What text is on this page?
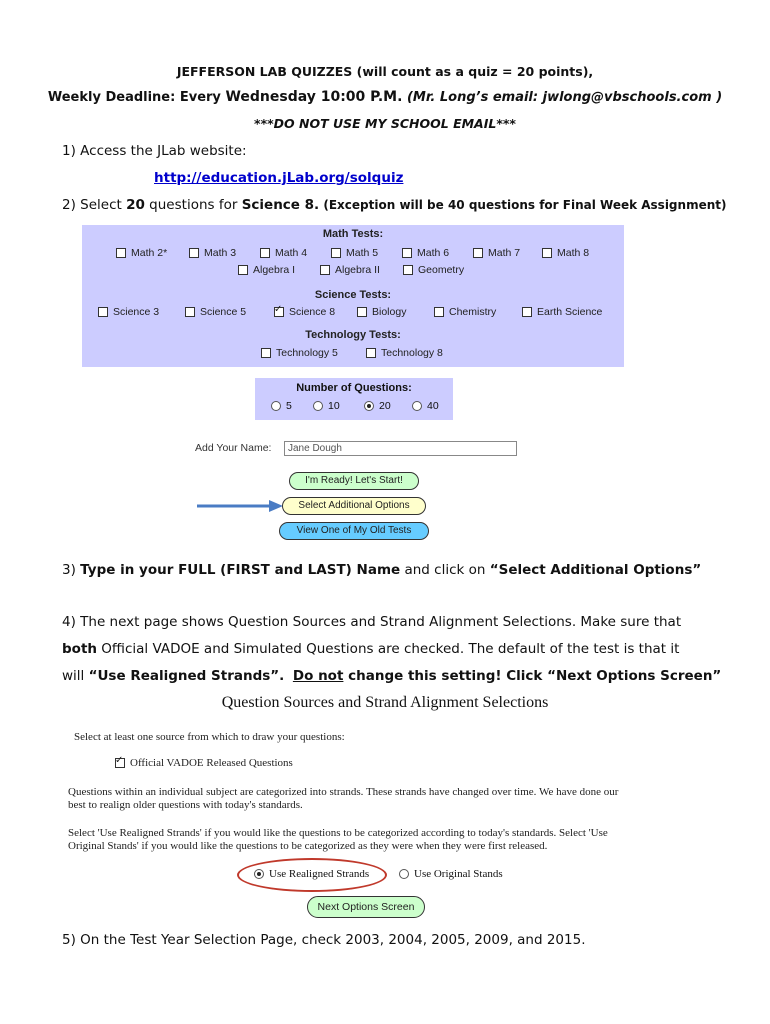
JEFFERSON LAB QUIZZES (will count as a quiz = 20 points),
Weekly Deadline: Every Wednesday 10:00 P.M. (Mr. Long’s email: jwlong@vbschools.com )
***DO NOT USE MY SCHOOL EMAIL***
1) Access the JLab website:
http://education.jLab.org/solquiz
2) Select 20 questions for Science 8. (Exception will be 40 questions for Final Week Assignment)
Math Tests:
Math 2*	Math 3	Math 4	Math 5	Math 6	Math 7	Math 8
Algebra I	Algebra II	Geometry
Science Tests:
Science 3	Science 5
✓	Science 8	Biology	Chemistry	Earth Science
Technology Tests:
Technology 5	Technology 8
Number of Questions:
5	10	20	40
Add Your Name:	Jane Dough
I'm Ready! Let's Start!
Select Additional Options
View One of My Old Tests
3) Type in your FULL (FIRST and LAST) Name and click on “Select Additional Options”
4) The next page shows Question Sources and Strand Alignment Selections. Make sure that
both Official VADOE and Simulated Questions are checked. The default of the test is that it
will “Use Realigned Strands”. Do not change this setting! Click “Next Options Screen”
Question Sources and Strand Alignment Selections
Select at least one source from which to draw your questions:
✓
Official VADOE Released Questions
Questions within an individual subject are categorized into strands. These strands have changed over time. We have done our
best to realign older questions with today's standards.
Select 'Use Realigned Strands' if you would like the questions to be categorized according to today's standards. Select 'Use
Original Stands' if you would like the questions to be categorized as they were when they were first released.
Use Realigned Strands	Use Original Stands
Next Options Screen
5) On the Test Year Selection Page, check 2003, 2004, 2005, 2009, and 2015.
